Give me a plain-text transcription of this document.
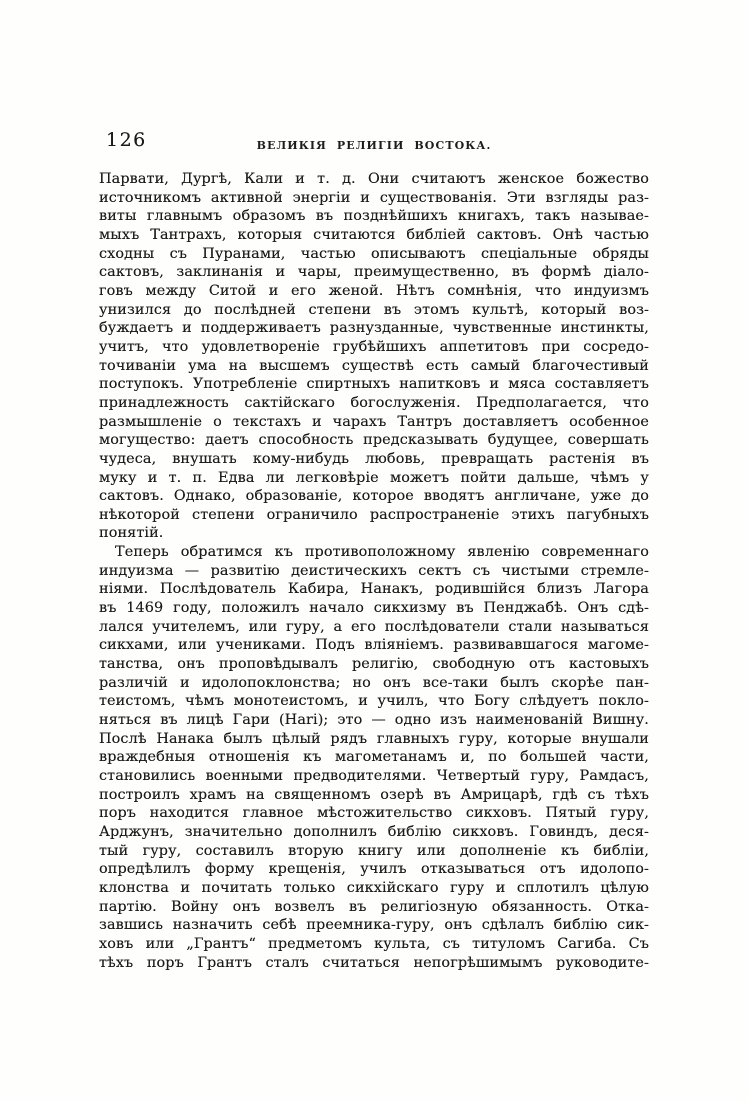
126	ВЕЛИКІЯ РЕЛИГІИ ВОСТОКА.
Парвати, Дургѣ, Кали и т. д. Они считаютъ женское божество
источникомъ активной энергіи и существованія. Эти взгляды раз-
виты главнымъ образомъ въ позднѣйшихъ книгахъ, такъ называе-
мыхъ Тантрахъ, которыя считаются библіей сактовъ. Онѣ частью
сходны съ Пуранами, частью описываютъ спеціальные обряды
сактовъ, заклинанія и чары, преимущественно, въ формѣ діало-
говъ между Ситой и его женой. Нѣтъ сомнѣнія, что индуизмъ
унизился до послѣдней степени въ этомъ культѣ, который воз-
буждаетъ и поддерживаетъ разнузданные, чувственные инстинкты,
учитъ, что удовлетвореніе грубѣйшихъ аппетитовъ при сосредо-
точиваніи ума на высшемъ существѣ есть самый благочестивый
поступокъ. Употребленіе спиртныхъ напитковъ и мяса составляетъ
принадлежность сактійскаго богослуженія. Предполагается, что
размышленіе о текстахъ и чарахъ Тантръ доставляетъ особенное
могущество: даетъ способность предсказывать будущее, совершать
чудеса, внушать кому-нибудь любовь, превращать растенія въ
муку и т. п. Едва ли легковѣріе можетъ пойти дальше, чѣмъ у
сактовъ. Однако, образованіе, которое вводятъ англичане, уже до
нѣкоторой степени ограничило распространеніе этихъ пагубныхъ
понятій.
Теперь обратимся къ противоположному явленію современнаго
индуизма — развитію деистическихъ сектъ съ чистыми стремле-
ніями. Послѣдователь Кабира, Нанакъ, родившійся близъ Лагора
въ 1469 году, положилъ начало сикхизму въ Пенджабѣ. Онъ сдѣ-
лался учителемъ, или гуру, а его послѣдователи стали называться
сикхами, или учениками. Подъ вліяніемъ. развивавшагося магоме-
танства, онъ проповѣдывалъ религію, свободную отъ кастовыхъ
различій и идолопоклонства; но онъ все-таки былъ скорѣе пан-
теистомъ, чѣмъ монотеистомъ, и училъ, что Богу слѣдуетъ покло-
няться въ лицѣ Гари (Hari); это — одно изъ наименованій Вишну.
Послѣ Нанака былъ цѣлый рядъ главныхъ гуру, которые внушали
враждебныя отношенія къ магометанамъ и, по большей части,
становились военными предводителями. Четвертый гуру, Рамдасъ,
построилъ храмъ на священномъ озерѣ въ Амрицарѣ, гдѣ съ тѣхъ
поръ находится главное мѣстожительство сикховъ. Пятый гуру,
Арджунъ, значительно дополнилъ библію сикховъ. Говиндъ, деся-
тый гуру, составилъ вторую книгу или дополненіе къ библіи,
опредѣлилъ форму крещенія, училъ отказываться отъ идолопо-
клонства и почитать только сикхійскаго гуру и сплотилъ цѣлую
партію. Войну онъ возвелъ въ религіозную обязанность. Отка-
завшись назначить себѣ преемника-гуру, онъ сдѣлалъ библію сик-
ховъ или „Грантъ“ предметомъ культа, съ титуломъ Сагиба. Съ
тѣхъ поръ Грантъ сталъ считаться непогрѣшимымъ руководите-
